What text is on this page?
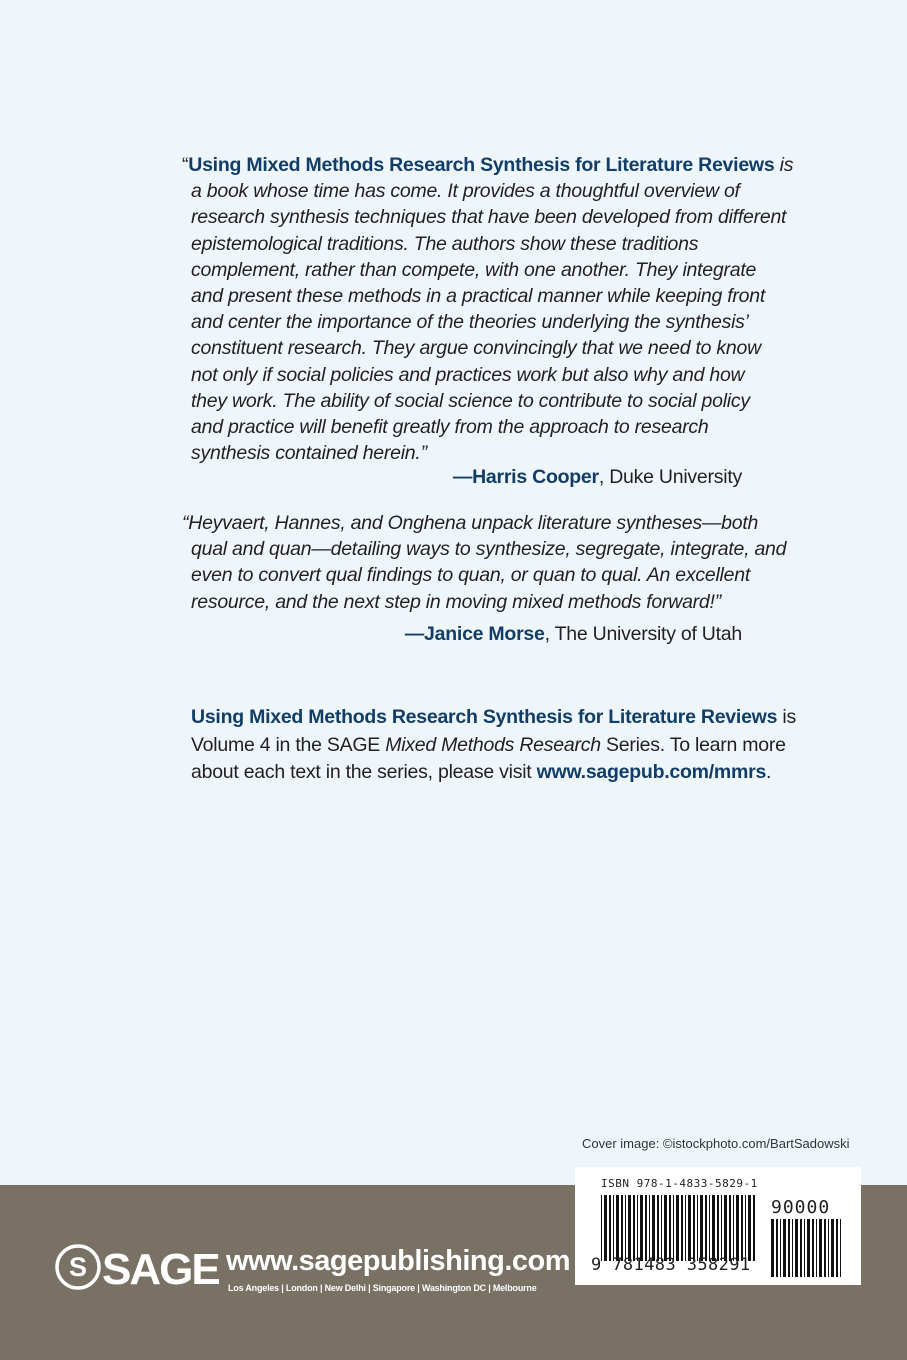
“Using Mixed Methods Research Synthesis for Literature Reviews is
a book whose time has come. It provides a thoughtful overview of
research synthesis techniques that have been developed from different
epistemological traditions. The authors show these traditions
complement, rather than compete, with one another. They integrate
and present these methods in a practical manner while keeping front
and center the importance of the theories underlying the synthesis’
constituent research. They argue convincingly that we need to know
not only if social policies and practices work but also why and how
they work. The ability of social science to contribute to social policy
and practice will benefit greatly from the approach to research
synthesis contained herein.”
—Harris Cooper, Duke University
“Heyvaert, Hannes, and Onghena unpack literature syntheses—both
qual and quan—detailing ways to synthesize, segregate, integrate, and
even to convert qual findings to quan, or quan to qual. An excellent
resource, and the next step in moving mixed methods forward!”
—Janice Morse, The University of Utah
Using Mixed Methods Research Synthesis for Literature Reviews is
Volume 4 in the SAGE Mixed Methods Research Series. To learn more
about each text in the series, please visit www.sagepub.com/mmrs.
Cover image: ©istockphoto.com/BartSadowski
S SAGE www.sagepublishing.com
Los Angeles | London | New Delhi | Singapore | Washington DC | Melbourne
ISBN 978-1-4833-5829-1
9 781483 358291
90000
